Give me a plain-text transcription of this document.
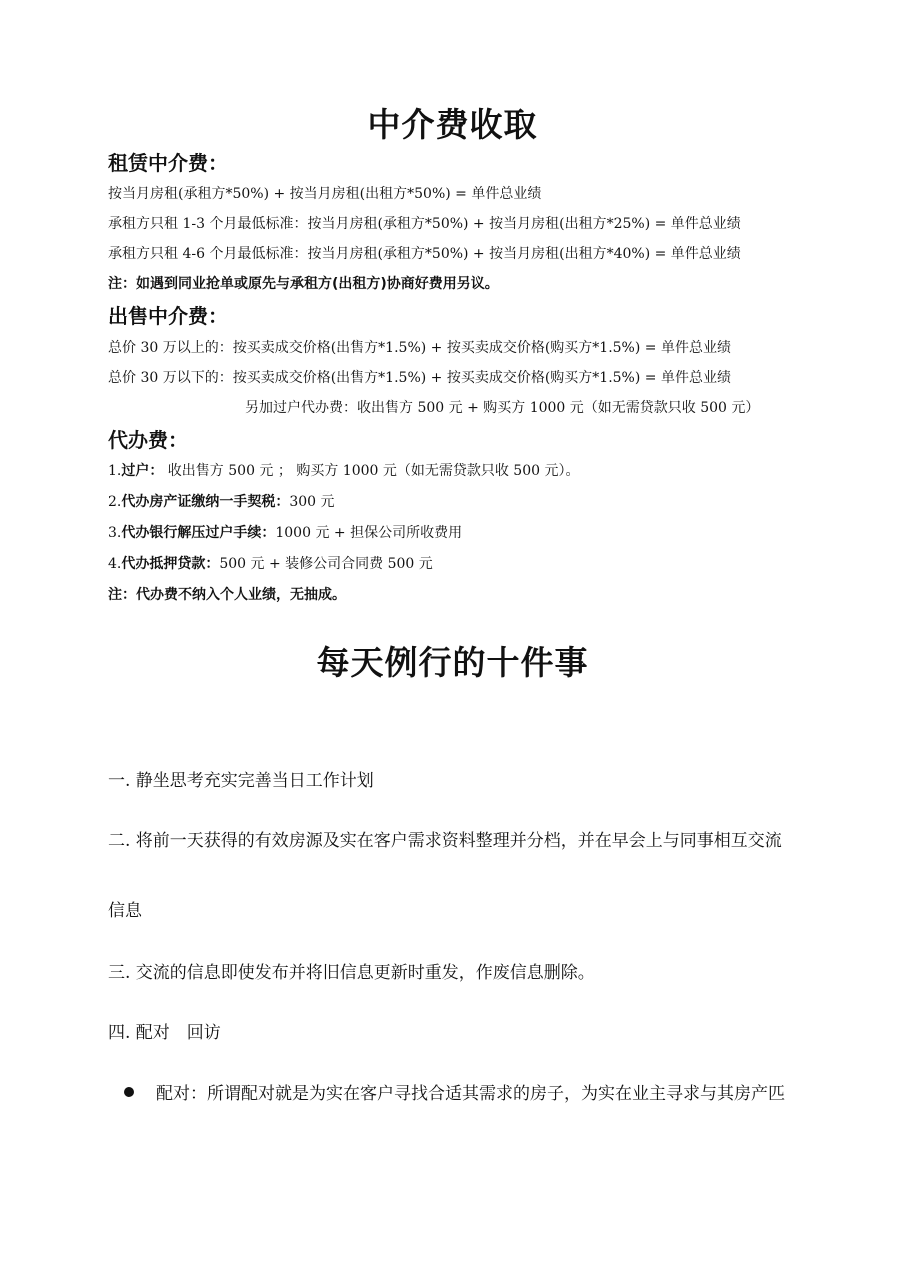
中介费收取
租赁中介费：
按当月房租(承租方*50%) + 按当月房租(出租方*50%) = 单件总业绩
承租方只租 1-3 个月最低标准：按当月房租(承租方*50%) + 按当月房租(出租方*25%) = 单件总业绩
承租方只租 4-6 个月最低标准：按当月房租(承租方*50%) + 按当月房租(出租方*40%) = 单件总业绩
注：如遇到同业抢单或原先与承租方(出租方)协商好费用另议。
出售中介费：
总价 30 万以上的：按买卖成交价格(出售方*1.5%) + 按买卖成交价格(购买方*1.5%) = 单件总业绩
总价 30 万以下的：按买卖成交价格(出售方*1.5%) + 按买卖成交价格(购买方*1.5%) = 单件总业绩
另加过户代办费：收出售方 500 元 + 购买方 1000 元（如无需贷款只收 500 元）
代办费：
1.过户： 收出售方 500 元 ； 购买方 1000 元（如无需贷款只收 500 元）。
2.代办房产证缴纳一手契税：300 元
3.代办银行解压过户手续：1000 元 + 担保公司所收费用
4.代办抵押贷款：500 元 + 装修公司合同费 500 元
注：代办费不纳入个人业绩，无抽成。
每天例行的十件事
一. 静坐思考充实完善当日工作计划
二. 将前一天获得的有效房源及实在客户需求资料整理并分档，并在早会上与同事相互交流
信息
三. 交流的信息即使发布并将旧信息更新时重发，作废信息删除。
四. 配对　回访
配对：所谓配对就是为实在客户寻找合适其需求的房子，为实在业主寻求与其房产匹
